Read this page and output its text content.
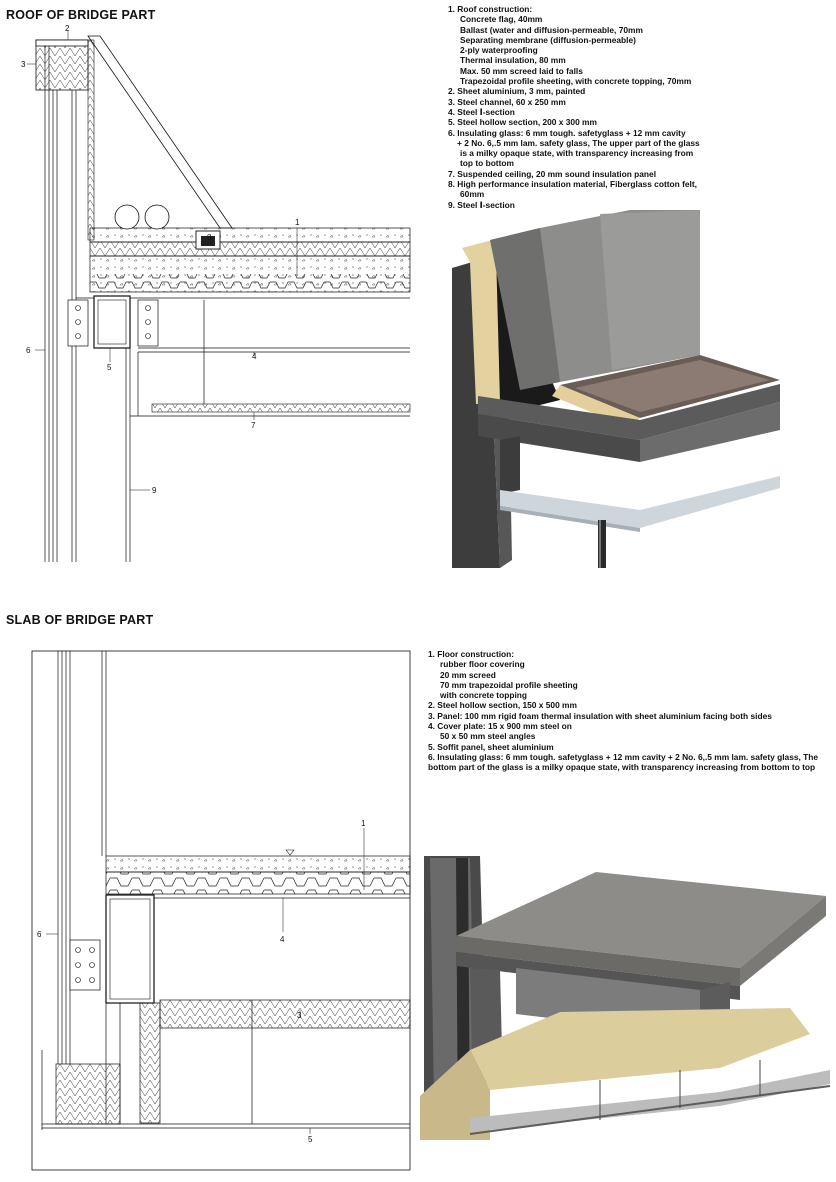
ROOF OF BRIDGE PART
SLAB OF BRIDGE PART
1. Roof construction:
Concrete flag, 40mm
Ballast (water and diffusion-permeable, 70mm
Separating membrane (diffusion-permeable)
2-ply waterproofing
Thermal insulation, 80 mm
Max. 50 mm screed laid to falls
Trapezoidal profile sheeting, with concrete topping, 70mm
2. Sheet aluminium, 3 mm, painted
3. Steel channel, 60 x 250 mm
4. Steel Ⅰ-section
5. Steel hollow section, 200 x 300 mm
6. Insulating glass: 6 mm tough. safetyglass + 12 mm cavity
+ 2 No. 6,.5 mm lam. safety glass, The upper part of the glass
is a milky opaque state, with transparency increasing from
top to bottom
7. Suspended ceiling, 20 mm sound insulation panel
8. High performance insulation material, Fiberglass cotton felt,
60mm
9. Steel Ⅰ-section
1. Floor construction:
rubber floor covering
20 mm screed
70 mm trapezoidal profile sheeting
with concrete topping
2. Steel hollow section, 150 x 500 mm
3. Panel: 100 mm rigid foam thermal insulation with sheet aluminium facing both sides
4. Cover plate: 15 x 900 mm steel on
50 x 50 mm steel angles
5. Soffit panel, sheet aluminium
6. Insulating glass: 6 mm tough. safetyglass + 12 mm cavity + 2 No. 6,.5 mm lam. safety glass, The
bottom part of the glass is a milky opaque state, with transparency increasing from bottom to top
2
3
1
8
6
5
4
7
9
1
4
6
3
5
